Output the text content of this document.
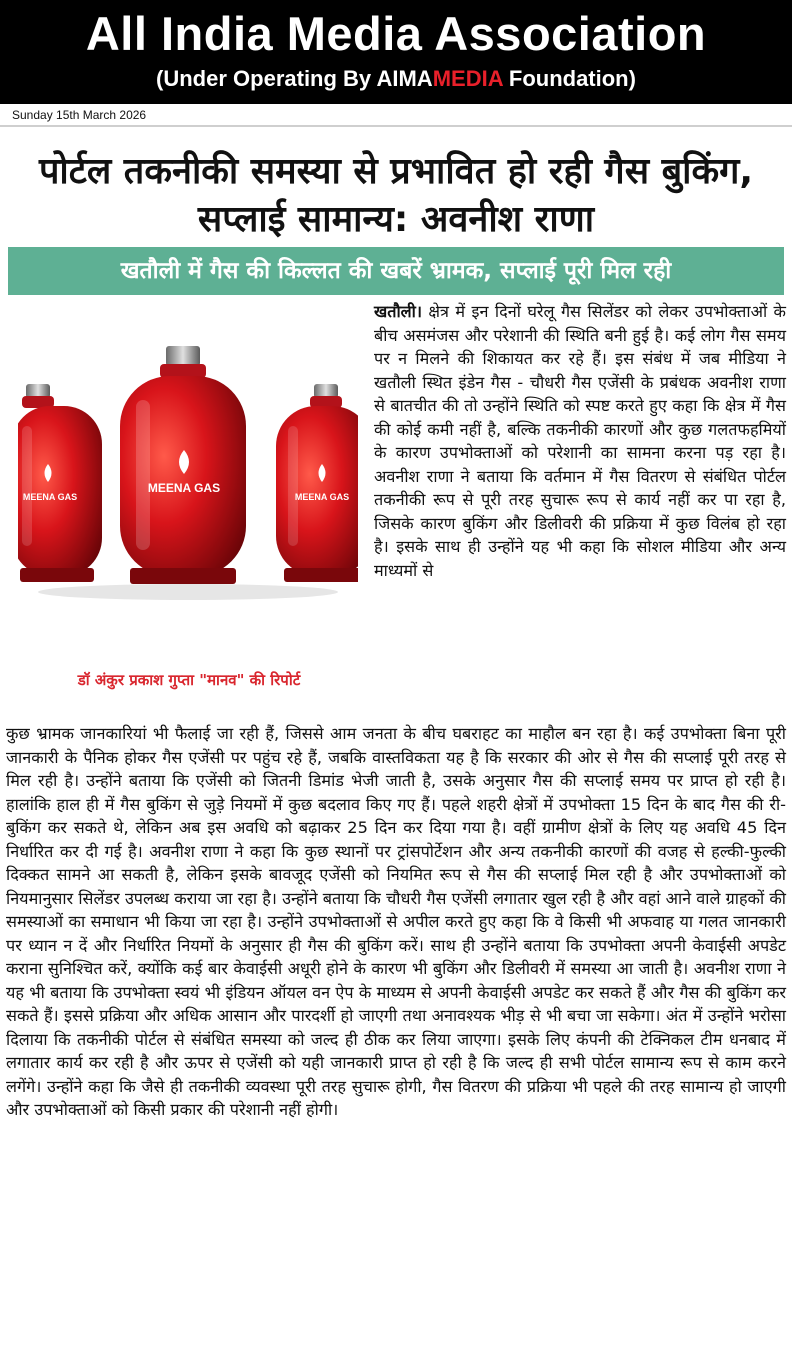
All India Media Association
(Under Operating By AIMAMEDIA Foundation)
Sunday 15th March 2026
पोर्टल तकनीकी समस्या से प्रभावित हो रही गैस बुकिंग, सप्लाई सामान्य: अवनीश राणा
खतौली में गैस की किल्लत की खबरें भ्रामक, सप्लाई पूरी मिल रही
MEENA GAS
MEENA GAS	MEENA GAS
डॉ अंकुर प्रकाश गुप्ता "मानव" की रिपोर्ट
खतौली। क्षेत्र में इन दिनों घरेलू गैस सिलेंडर को लेकर उपभोक्ताओं के बीच असमंजस और परेशानी की स्थिति बनी हुई है। कई लोग गैस समय पर न मिलने की शिकायत कर रहे हैं। इस संबंध में जब मीडिया ने खतौली स्थित इंडेन गैस - चौधरी गैस एजेंसी के प्रबंधक अवनीश राणा से बातचीत की तो उन्होंने स्थिति को स्पष्ट करते हुए कहा कि क्षेत्र में गैस की कोई कमी नहीं है, बल्कि तकनीकी कारणों और कुछ गलतफहमियों के कारण उपभोक्ताओं को परेशानी का सामना करना पड़ रहा है। अवनीश राणा ने बताया कि वर्तमान में गैस वितरण से संबंधित पोर्टल तकनीकी रूप से पूरी तरह सुचारू रूप से कार्य नहीं कर पा रहा है, जिसके कारण बुकिंग और डिलीवरी की प्रक्रिया में कुछ विलंब हो रहा है। इसके साथ ही उन्होंने यह भी कहा कि सोशल मीडिया और अन्य माध्यमों से
कुछ भ्रामक जानकारियां भी फैलाई जा रही हैं, जिससे आम जनता के बीच घबराहट का माहौल बन रहा है। कई उपभोक्ता बिना पूरी जानकारी के पैनिक होकर गैस एजेंसी पर पहुंच रहे हैं, जबकि वास्तविकता यह है कि सरकार की ओर से गैस की सप्लाई पूरी तरह से मिल रही है। उन्होंने बताया कि एजेंसी को जितनी डिमांड भेजी जाती है, उसके अनुसार गैस की सप्लाई समय पर प्राप्त हो रही है। हालांकि हाल ही में गैस बुकिंग से जुड़े नियमों में कुछ बदलाव किए गए हैं। पहले शहरी क्षेत्रों में उपभोक्ता 15 दिन के बाद गैस की री-बुकिंग कर सकते थे, लेकिन अब इस अवधि को बढ़ाकर 25 दिन कर दिया गया है। वहीं ग्रामीण क्षेत्रों के लिए यह अवधि 45 दिन निर्धारित कर दी गई है। अवनीश राणा ने कहा कि कुछ स्थानों पर ट्रांसपोर्टेशन और अन्य तकनीकी कारणों की वजह से हल्की-फुल्की दिक्कत सामने आ सकती है, लेकिन इसके बावजूद एजेंसी को नियमित रूप से गैस की सप्लाई मिल रही है और उपभोक्ताओं को नियमानुसार सिलेंडर उपलब्ध कराया जा रहा है। उन्होंने बताया कि चौधरी गैस एजेंसी लगातार खुल रही है और वहां आने वाले ग्राहकों की समस्याओं का समाधान भी किया जा रहा है। उन्होंने उपभोक्ताओं से अपील करते हुए कहा कि वे किसी भी अफवाह या गलत जानकारी पर ध्यान न दें और निर्धारित नियमों के अनुसार ही गैस की बुकिंग करें। साथ ही उन्होंने बताया कि उपभोक्ता अपनी केवाईसी अपडेट कराना सुनिश्चित करें, क्योंकि कई बार केवाईसी अधूरी होने के कारण भी बुकिंग और डिलीवरी में समस्या आ जाती है। अवनीश राणा ने यह भी बताया कि उपभोक्ता स्वयं भी इंडियन ऑयल वन ऐप के माध्यम से अपनी केवाईसी अपडेट कर सकते हैं और गैस की बुकिंग कर सकते हैं। इससे प्रक्रिया और अधिक आसान और पारदर्शी हो जाएगी तथा अनावश्यक भीड़ से भी बचा जा सकेगा। अंत में उन्होंने भरोसा दिलाया कि तकनीकी पोर्टल से संबंधित समस्या को जल्द ही ठीक कर लिया जाएगा। इसके लिए कंपनी की टेक्निकल टीम धनबाद में लगातार कार्य कर रही है और ऊपर से एजेंसी को यही जानकारी प्राप्त हो रही है कि जल्द ही सभी पोर्टल सामान्य रूप से काम करने लगेंगे। उन्होंने कहा कि जैसे ही तकनीकी व्यवस्था पूरी तरह सुचारू होगी, गैस वितरण की प्रक्रिया भी पहले की तरह सामान्य हो जाएगी और उपभोक्ताओं को किसी प्रकार की परेशानी नहीं होगी।
